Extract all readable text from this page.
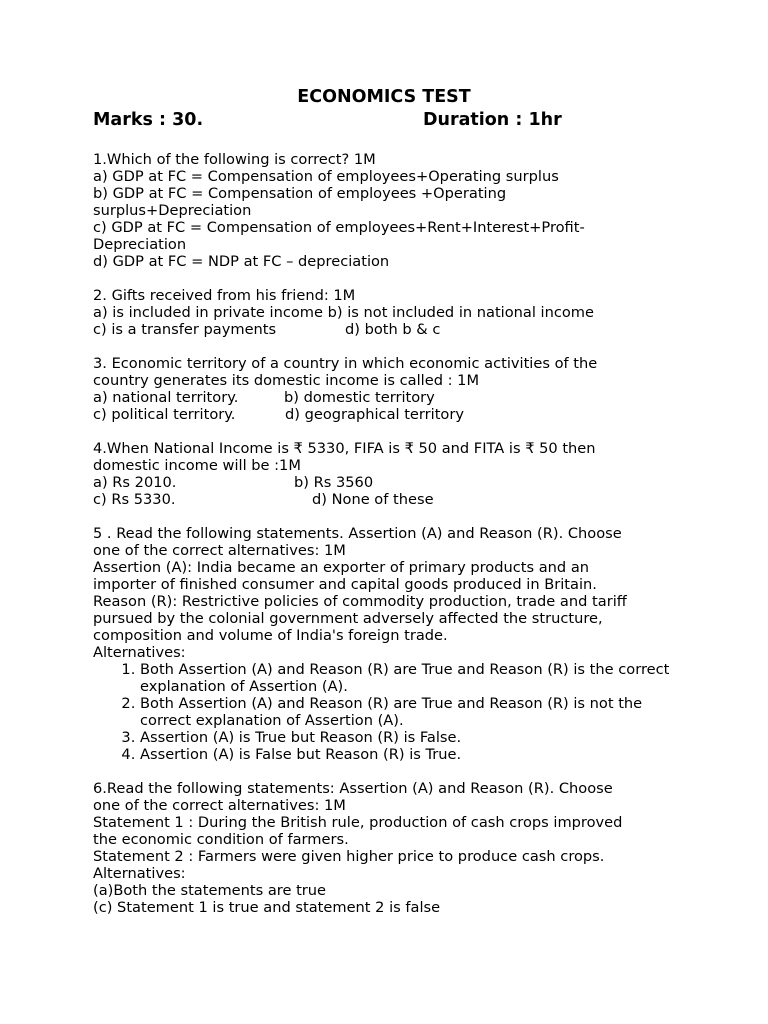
ECONOMICS TEST
Marks : 30.	Duration : 1hr
1.Which of the following is correct? 1M
a) GDP at FC = Compensation of employees+Operating surplus
b) GDP at FC = Compensation of employees +Operating
surplus+Depreciation
c) GDP at FC = Compensation of employees+Rent+Interest+Profit-
Depreciation
d) GDP at FC = NDP at FC – depreciation
2. Gifts received from his friend: 1M
a) is included in private income b) is not included in national income
c) is a transfer payments	d) both b & c
3. Economic territory of a country in which economic activities of the
country generates its domestic income is called : 1M
a) national territory.	b) domestic territory
c) political territory.	d) geographical territory
4.When National Income is ₹ 5330, FIFA is ₹ 50 and FITA is ₹ 50 then
domestic income will be :1M
a) Rs 2010.	b) Rs 3560
c) Rs 5330.	d) None of these
5 . Read the following statements. Assertion (A) and Reason (R). Choose
one of the correct alternatives: 1M
Assertion (A): India became an exporter of primary products and an
importer of finished consumer and capital goods produced in Britain.
Reason (R): Restrictive policies of commodity production, trade and tariff
pursued by the colonial government adversely affected the structure,
composition and volume of India's foreign trade.
Alternatives:
1. Both Assertion (A) and Reason (R) are True and Reason (R) is the correct explanation of Assertion (A).
2. Both Assertion (A) and Reason (R) are True and Reason (R) is not the correct explanation of Assertion (A).
3. Assertion (A) is True but Reason (R) is False.
4. Assertion (A) is False but Reason (R) is True.
6.Read the following statements: Assertion (A) and Reason (R). Choose
one of the correct alternatives: 1M
Statement 1 : During the British rule, production of cash crops improved
the economic condition of farmers.
Statement 2 : Farmers were given higher price to produce cash crops.
Alternatives:
(a)Both the statements are true
(c) Statement 1 is true and statement 2 is false
